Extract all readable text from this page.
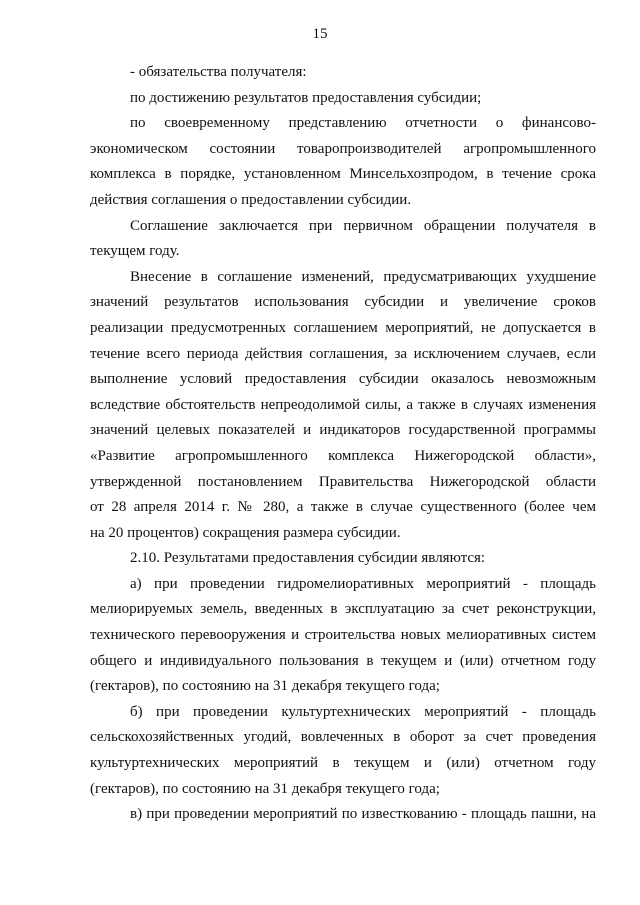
15
- обязательства получателя:
по достижению результатов предоставления субсидии;
по своевременному представлению отчетности о финансово-
экономическом состоянии товаропроизводителей агропромышленного
комплекса в порядке, установленном Минсельхозпродом, в течение срока
действия соглашения о предоставлении субсидии.
Соглашение заключается при первичном обращении получателя в
текущем году.
Внесение в соглашение изменений, предусматривающих ухудшение
значений результатов использования субсидии и увеличение сроков
реализации предусмотренных соглашением мероприятий, не допускается в
течение всего периода действия соглашения, за исключением случаев, если
выполнение условий предоставления субсидии оказалось невозможным
вследствие обстоятельств непреодолимой силы, а также в случаях изменения
значений целевых показателей и индикаторов государственной программы
«Развитие агропромышленного комплекса Нижегородской области»,
утвержденной постановлением Правительства Нижегородской области
от 28 апреля 2014 г. № 280, а также в случае существенного (более чем
на 20 процентов) сокращения размера субсидии.
2.10. Результатами предоставления субсидии являются:
а) при проведении гидромелиоративных мероприятий - площадь
мелиорируемых земель, введенных в эксплуатацию за счет реконструкции,
технического перевооружения и строительства новых мелиоративных систем
общего и индивидуального пользования в текущем и (или) отчетном году
(гектаров), по состоянию на 31 декабря текущего года;
б) при проведении культуртехнических мероприятий - площадь
сельскохозяйственных угодий, вовлеченных в оборот за счет проведения
культуртехнических мероприятий в текущем и (или) отчетном году
(гектаров), по состоянию на 31 декабря текущего года;
в) при проведении мероприятий по известкованию - площадь пашни, на
